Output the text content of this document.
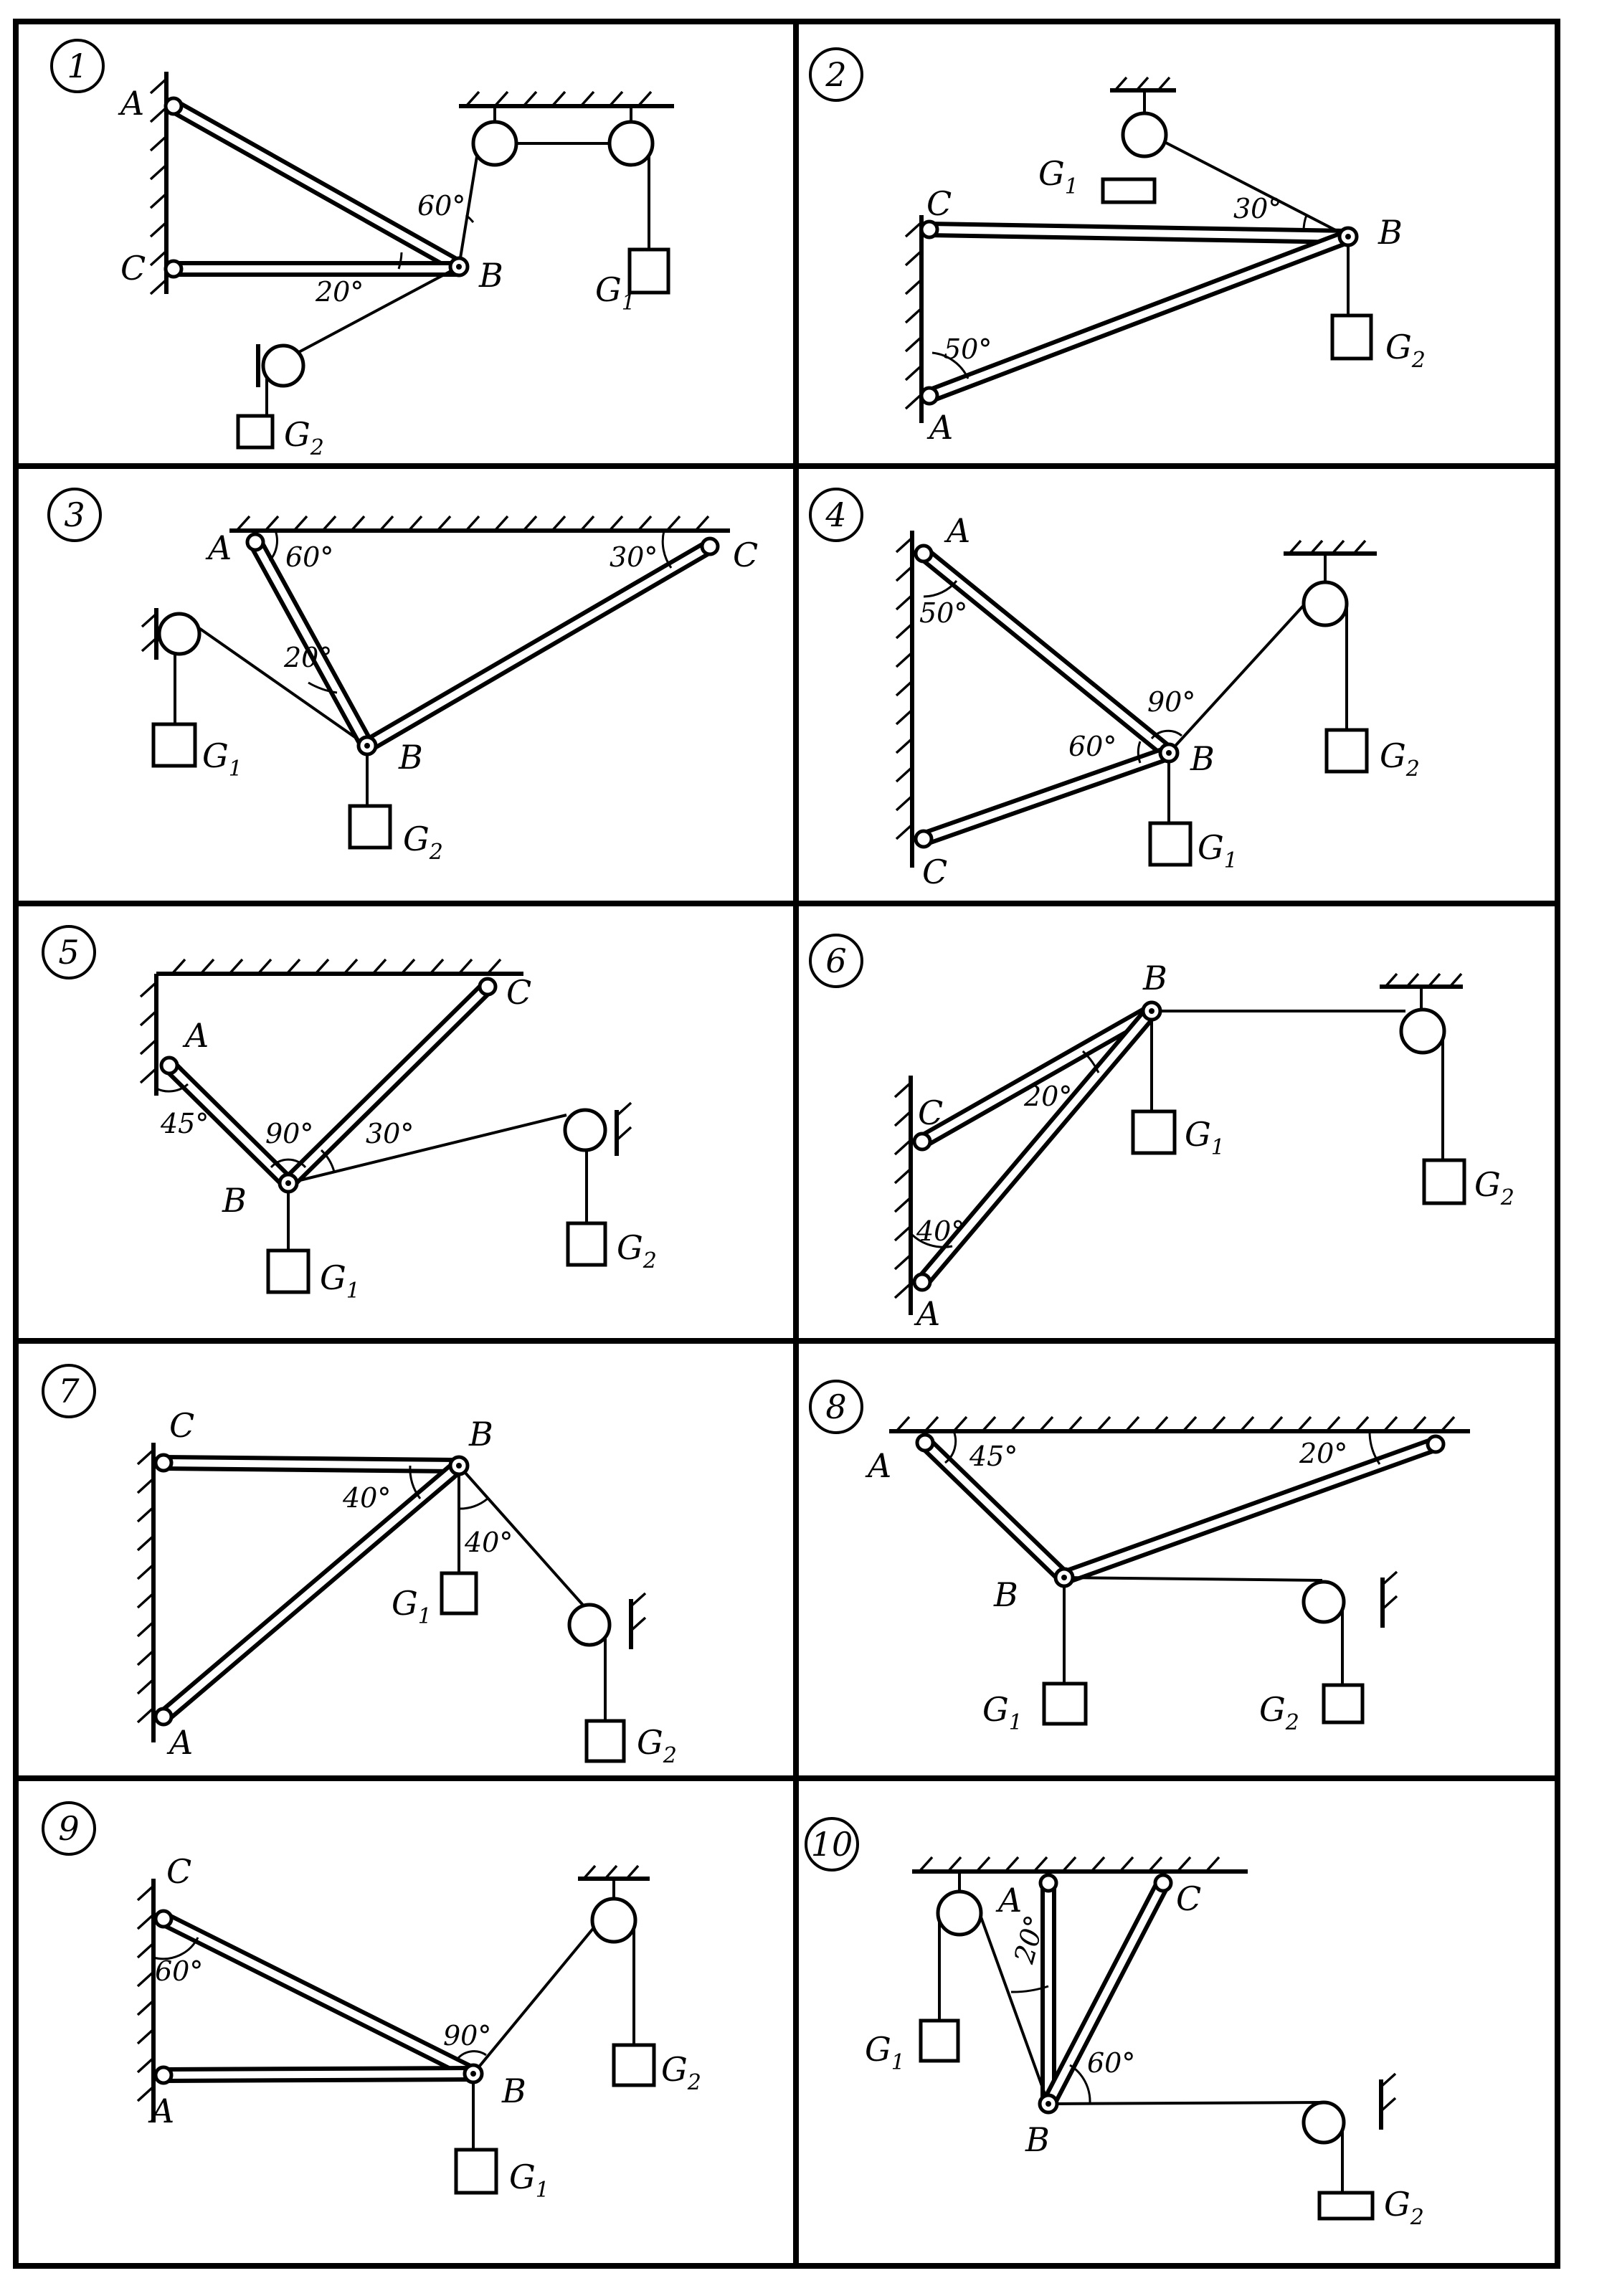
1
A
C	B
60°
20°	$G_1$
$G_2$
2
C
A
B
30°
50°
$G_1$
$G_2$
3
A	C
B
60°	30°
20°
$G_1$
$G_2$
4	A
C
B
50°
90°
60°	$G_2$
$G_1$
5
A
C
B
45° 90° 30°
$G_1$
$G_2$
6
C
A
B
20°
40°
$G_1$
$G_2$
7
C
A
B
40°
40°
$G_1$
$G_2$
8
A
B
45°	20°
$G_1$	$G_2$
9
C
A
B
60°
90°
$G_2$
$G_1$
10
A	C
B
20°
60°
$G_1$
$G_2$
